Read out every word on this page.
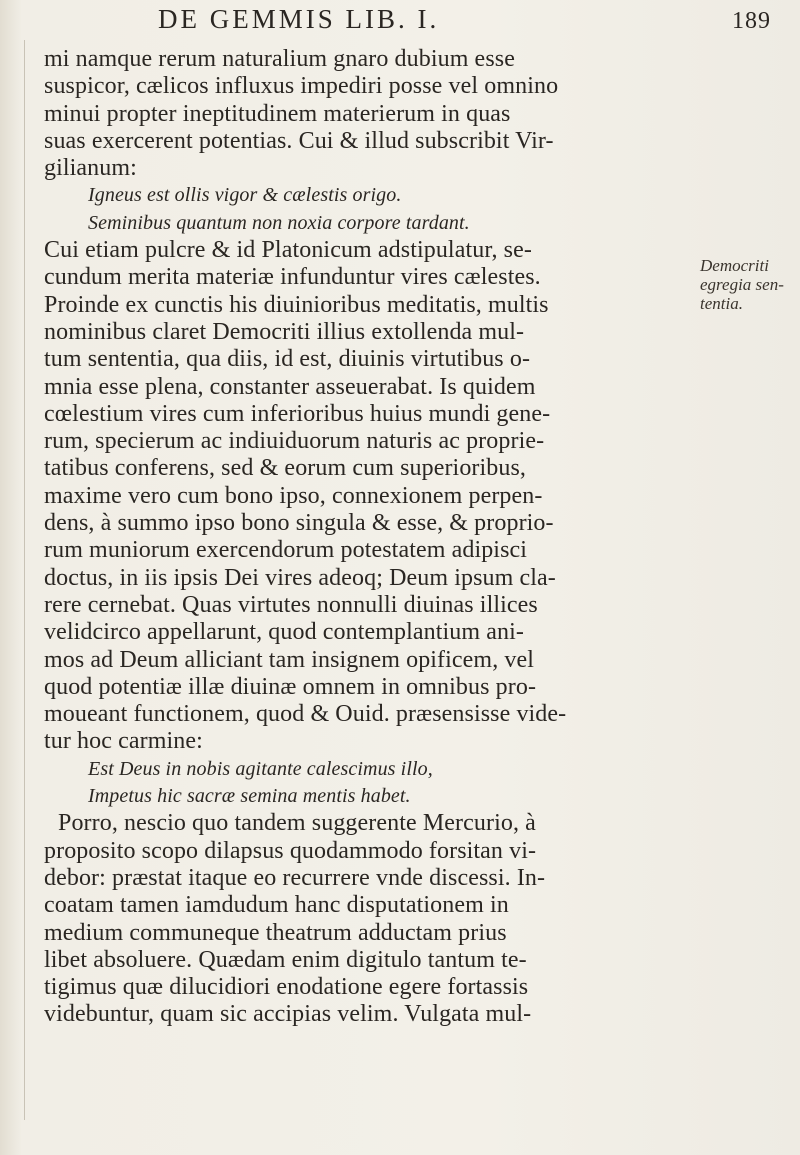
DE GEMMIS LIB. I.	189
mi namque rerum naturalium gnaro dubium esse
suspicor, cælicos influxus impediri posse vel omnino
minui propter ineptitudinem materierum in quas
suas exercerent potentias. Cui & illud subscribit Vir-
gilianum:
Igneus est ollis vigor & cælestis origo.
Seminibus quantum non noxia corpore tardant.
Cui etiam pulcre & id Platonicum adstipulatur, se-
cundum merita materiæ infunduntur vires cælestes.
Proinde ex cunctis his diuinioribus meditatis, multis
nominibus claret Democriti illius extollenda mul-
tum sententia, qua diis, id est, diuinis virtutibus o-
mnia esse plena, constanter asseuerabat. Is quidem
cœlestium vires cum inferioribus huius mundi gene-
rum, specierum ac indiuiduorum naturis ac proprie-
tatibus conferens, sed & eorum cum superioribus,
maxime vero cum bono ipso, connexionem perpen-
dens, à summo ipso bono singula & esse, & proprio-
rum muniorum exercendorum potestatem adipisci
doctus, in iis ipsis Dei vires adeoq; Deum ipsum cla-
rere cernebat. Quas virtutes nonnulli diuinas illices
velidcirco appellarunt, quod contemplantium ani-
mos ad Deum alliciant tam insignem opificem, vel
quod potentiæ illæ diuinæ omnem in omnibus pro-
moueant functionem, quod & Ouid. præsensisse vide-
tur hoc carmine:
Est Deus in nobis agitante calescimus illo,
Impetus hic sacræ semina mentis habet.
Porro, nescio quo tandem suggerente Mercurio, à
proposito scopo dilapsus quodammodo forsitan vi-
debor: præstat itaque eo recurrere vnde discessi. In-
coatam tamen iamdudum hanc disputationem in
medium communeque theatrum adductam prius
libet absoluere. Quædam enim digitulo tantum te-
tigimus quæ dilucidiori enodatione egere fortassis
videbuntur, quam sic accipias velim. Vulgata mul-
Democriti
egregia sen-
tentia.
